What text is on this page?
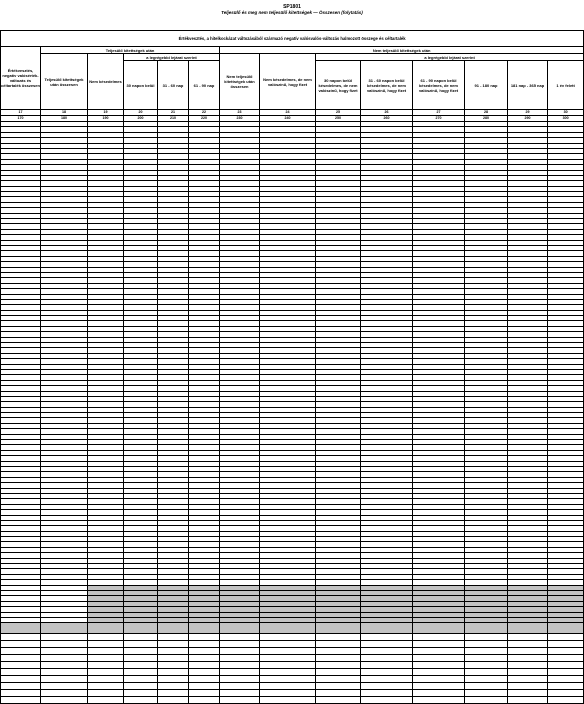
SP1801
Teljesülő és meg nem teljesülő kitettségek — Összesen (folytatás)
Értékvesztés, a hitelkockázat változásából származó negatív valósvalós-változás halmozott összege és céltartalék													
Értékvesztés, negatív valósérték-változás és céltartalék összesen	Teljesülő kitettségek után					Nem teljesülő kitettségek után							
	Teljesülő kitettségek után összesen	Nem késedelmes	a legrégebbi lejárat szerint			Nem teljesülő kitettségek után összesen	Nem késedelmes, de nem valószínű, hogy fizet	a legrégebbi lejárat szerint					
			30 napon belül	31 - 60 nap	61 - 90 nap			30 napon belül késedelmes, de nem valószínű, hogy fizet	31 - 60 napon belül késedelmes, de nem valószínű, hogy fizet	61 - 90 napon belül késedelmes, de nem valószínű, hogy fizet	91 - 180 nap	181 nap - 365 nap	1 év felett
17	18	19	20	21	22	23	24	25	26	27	28	29	30
170	180	190	200	210	220	230	240	250	260	270	280	290	300
